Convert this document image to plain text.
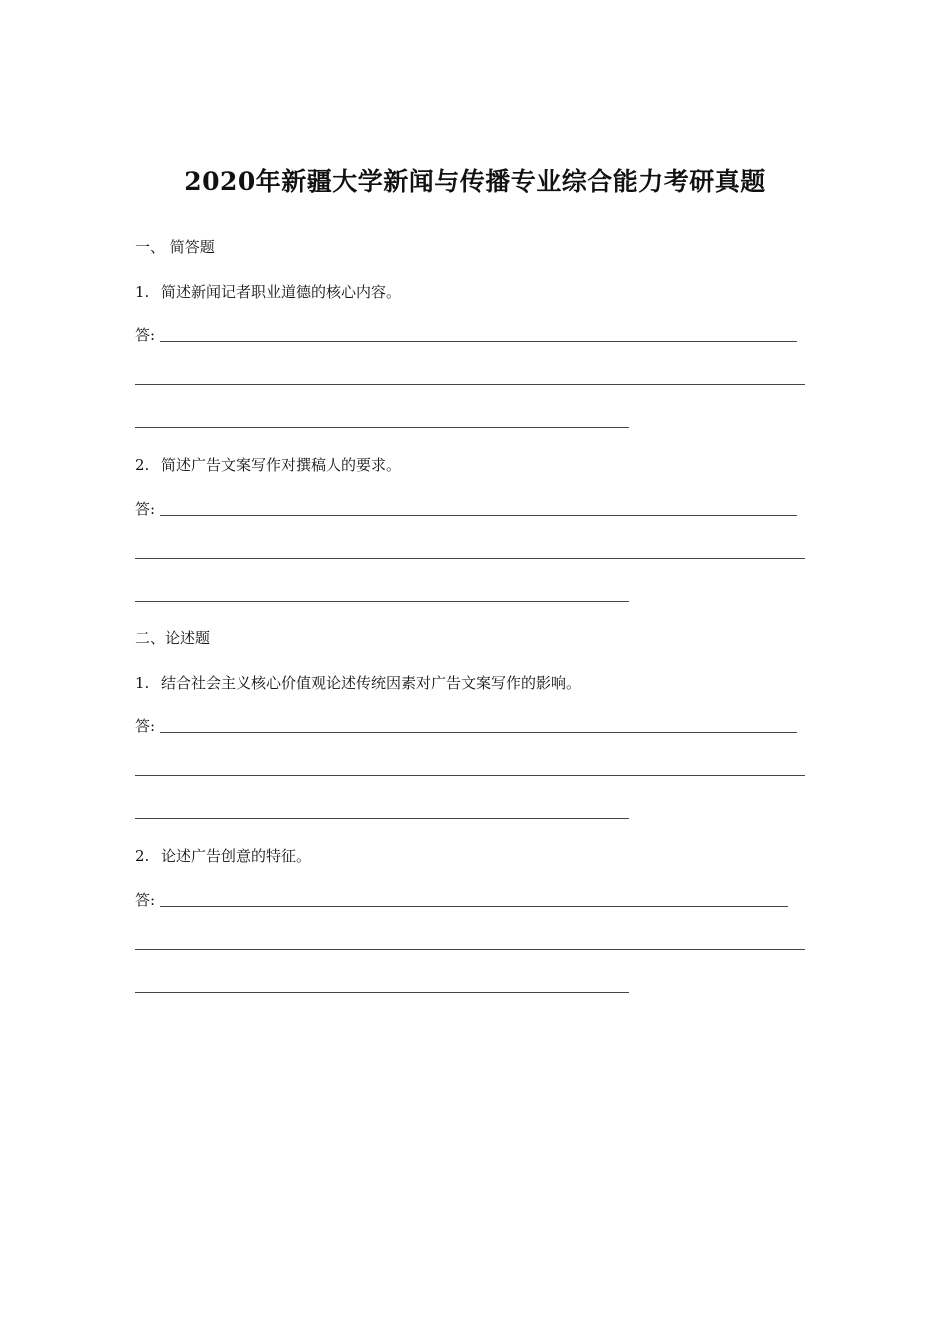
2020年新疆大学新闻与传播专业综合能力考研真题
一、 简答题
1. 简述新闻记者职业道德的核心内容。
答:
2. 简述广告文案写作对撰稿人的要求。
答:
二、论述题
1. 结合社会主义核心价值观论述传统因素对广告文案写作的影响。
答:
2. 论述广告创意的特征。
答:
